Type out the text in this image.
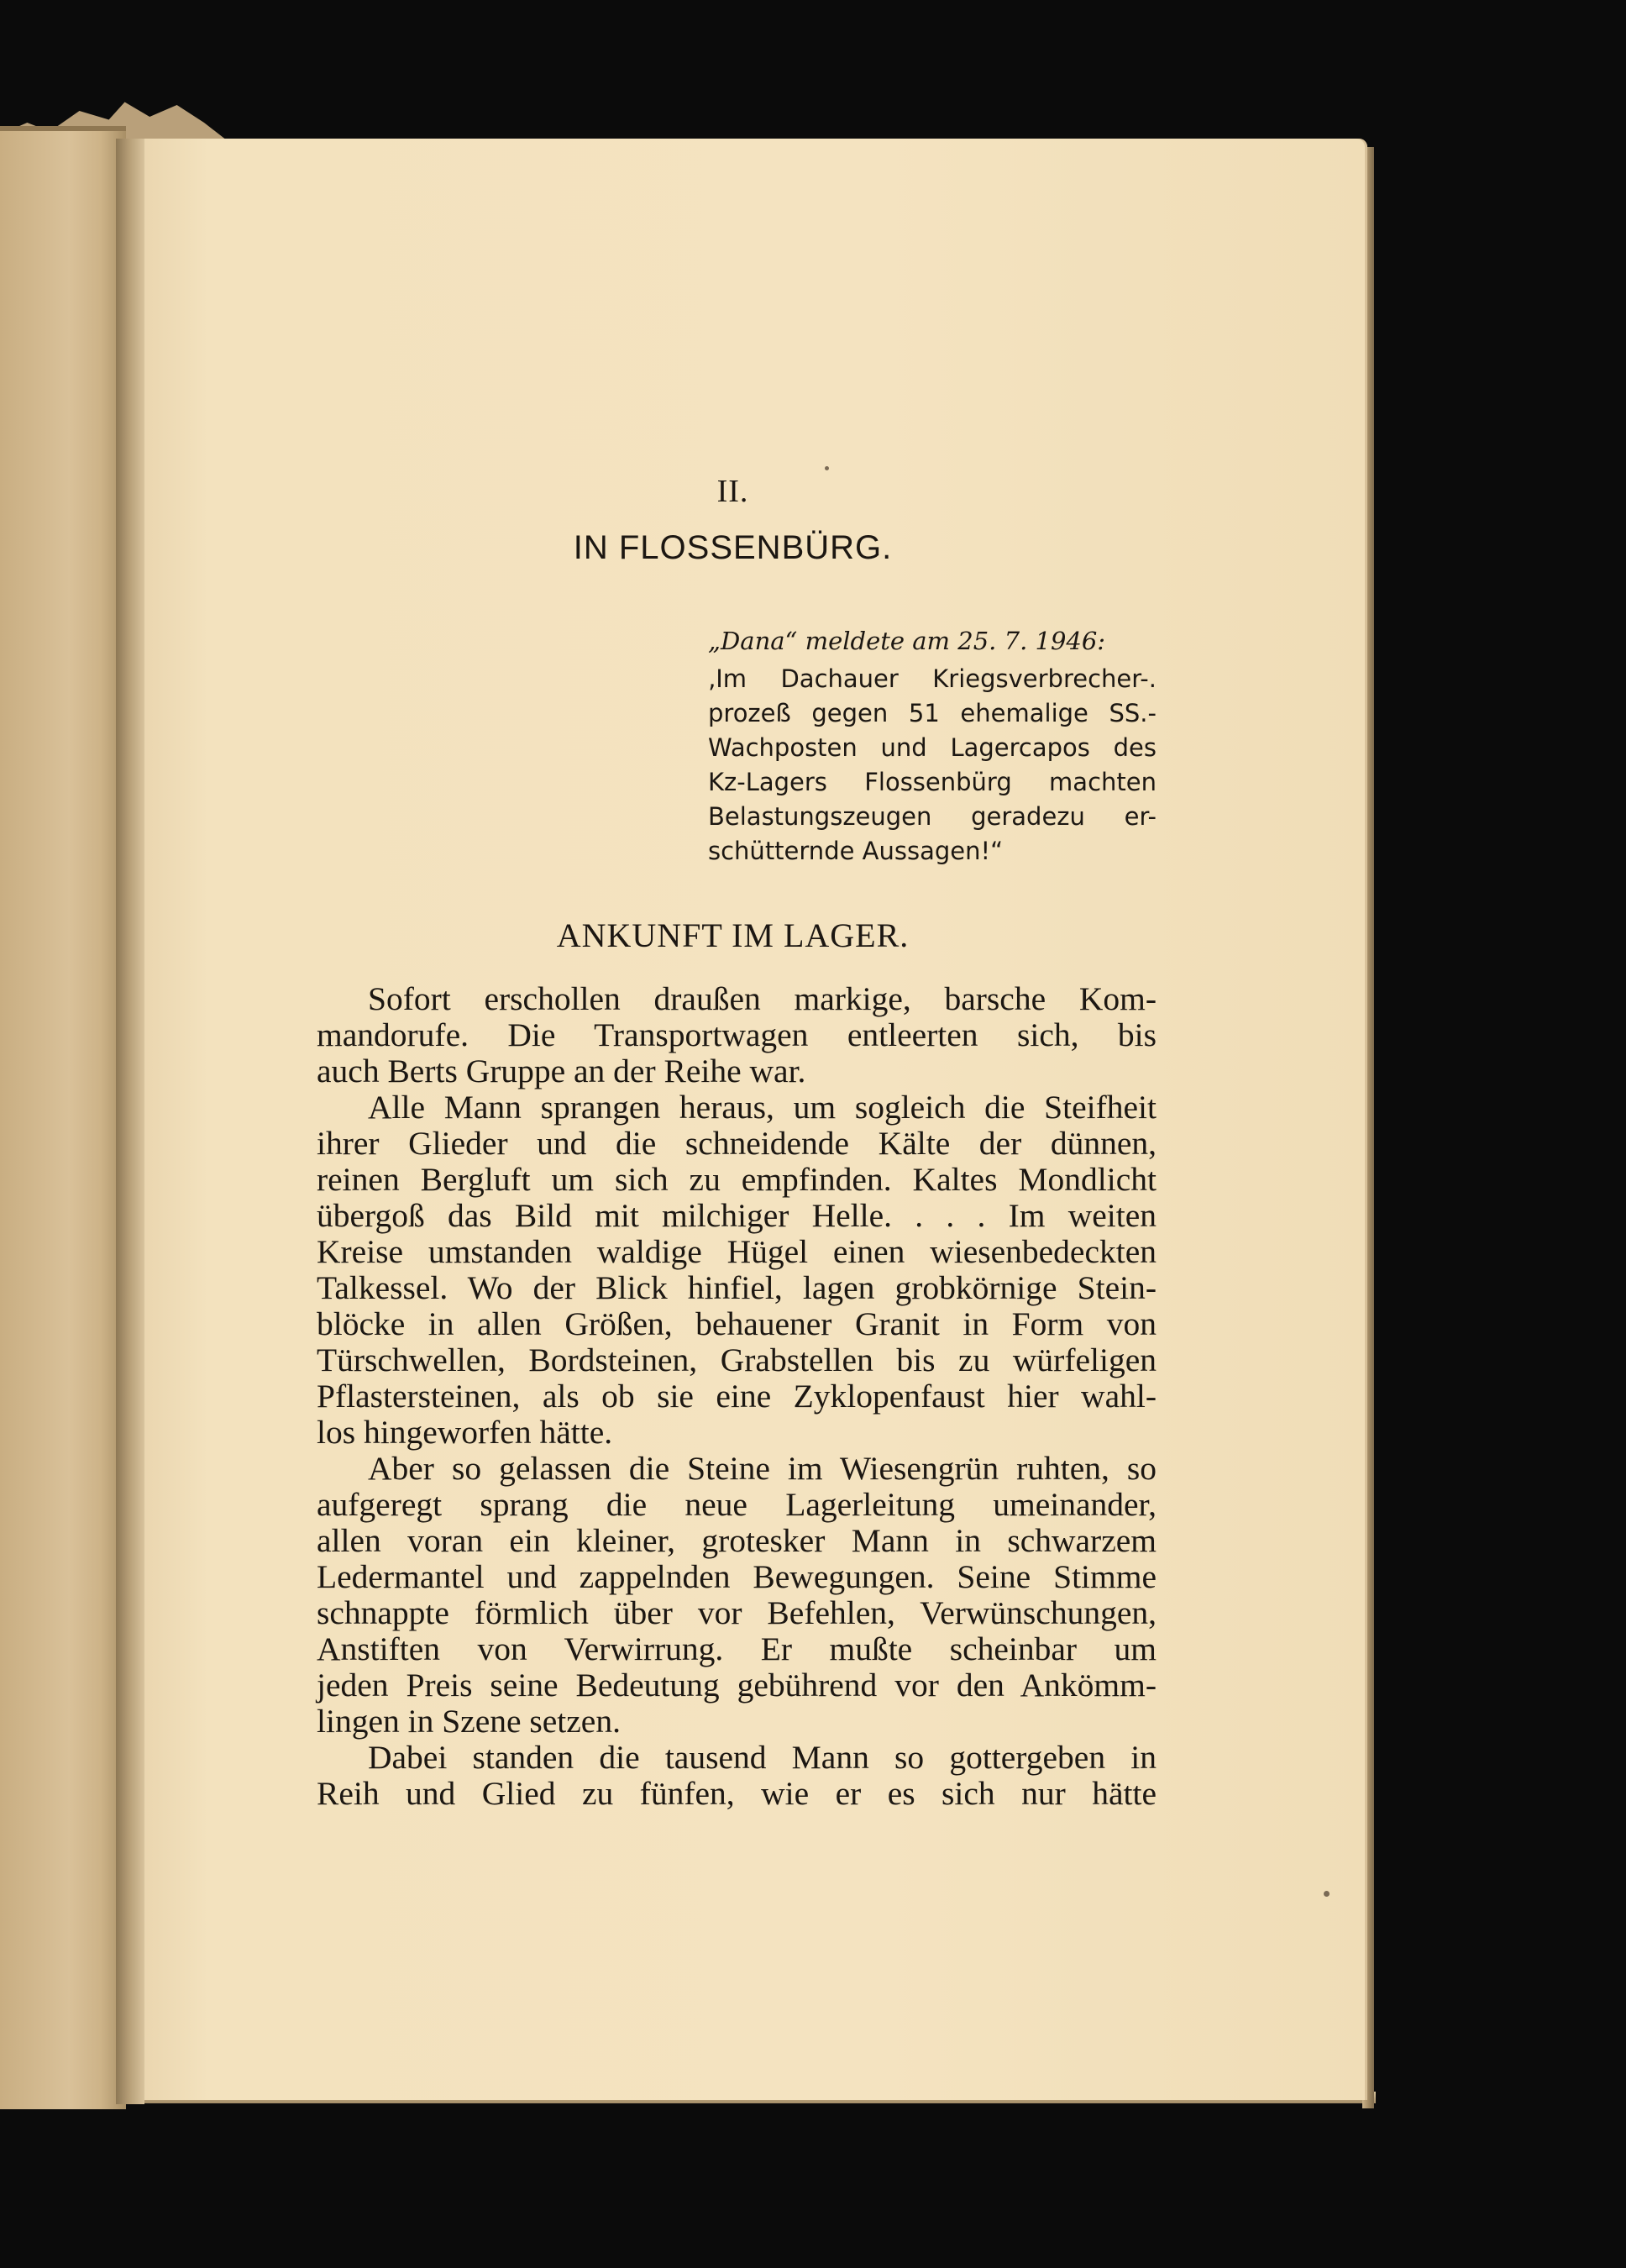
II.
IN FLOSSENBÜRG.
„Dana“ meldete am 25. 7. 1946:
‚Im Dachauer Kriegsverbrecher-.
prozeß gegen 51 ehemalige SS.-
Wachposten und Lagercapos des
Kz-Lagers Flossenbürg machten
Belastungszeugen geradezu er-
schütternde Aussagen!“
ANKUNFT IM LAGER.
Sofort erschollen draußen markige, barsche Kom-
mandorufe. Die Transportwagen entleerten sich, bis
auch Berts Gruppe an der Reihe war.
Alle Mann sprangen heraus, um sogleich die Steifheit
ihrer Glieder und die schneidende Kälte der dünnen,
reinen Bergluft um sich zu empfinden. Kaltes Mondlicht
übergoß das Bild mit milchiger Helle. . . . Im weiten
Kreise umstanden waldige Hügel einen wiesenbedeckten
Talkessel. Wo der Blick hinfiel, lagen grobkörnige Stein-
blöcke in allen Größen, behauener Granit in Form von
Türschwellen, Bordsteinen, Grabstellen bis zu würfeligen
Pflastersteinen, als ob sie eine Zyklopenfaust hier wahl-
los hingeworfen hätte.
Aber so gelassen die Steine im Wiesengrün ruhten, so
aufgeregt sprang die neue Lagerleitung umeinander,
allen voran ein kleiner, grotesker Mann in schwarzem
Ledermantel und zappelnden Bewegungen. Seine Stimme
schnappte förmlich über vor Befehlen, Verwünschungen,
Anstiften von Verwirrung. Er mußte scheinbar um
jeden Preis seine Bedeutung gebührend vor den Ankömm-
lingen in Szene setzen.
Dabei standen die tausend Mann so gottergeben in
Reih und Glied zu fünfen, wie er es sich nur hätte
